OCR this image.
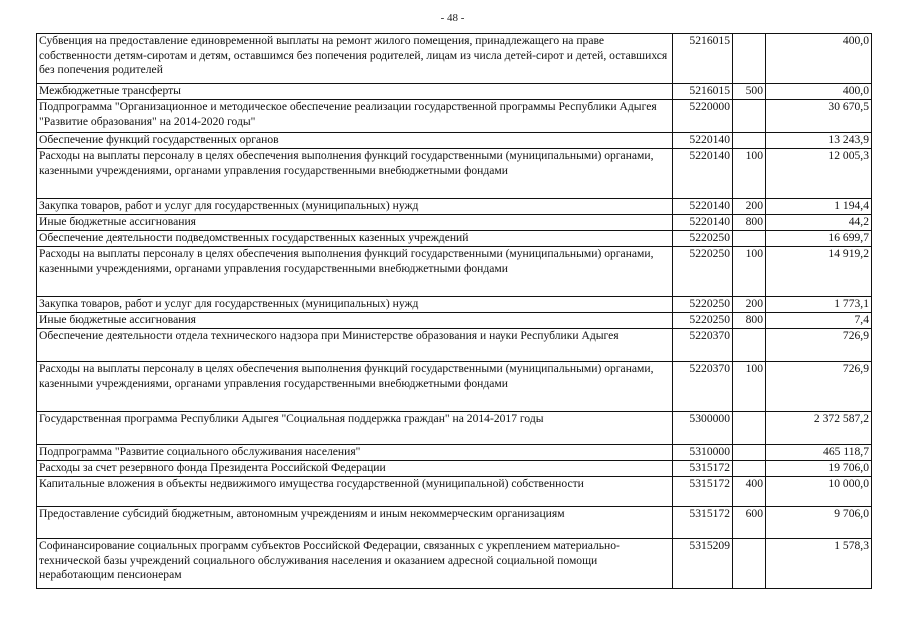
- 48 -
Субвенция на предоставление единовременной выплаты на ремонт жилого помещения, принадлежащего на праве собственности детям-сиротам и детям, оставшимся без попечения родителей, лицам из числа детей-сирот и детей, оставшихся без попечения родителей	5216015		400,0
Межбюджетные трансферты	5216015	500	400,0
Подпрограмма "Организационное и методическое обеспечение реализации государственной программы Республики Адыгея "Развитие образования" на 2014-2020 годы"	5220000		30 670,5
Обеспечение функций государственных органов	5220140		13 243,9
Расходы на выплаты персоналу в целях обеспечения выполнения функций государственными (муниципальными) органами, казенными учреждениями, органами управления государственными внебюджетными фондами	5220140	100	12 005,3
Закупка товаров, работ и услуг для государственных (муниципальных) нужд	5220140	200	1 194,4
Иные бюджетные ассигнования	5220140	800	44,2
Обеспечение деятельности подведомственных государственных казенных учреждений	5220250		16 699,7
Расходы на выплаты персоналу в целях обеспечения выполнения функций государственными (муниципальными) органами, казенными учреждениями, органами управления государственными внебюджетными фондами	5220250	100	14 919,2
Закупка товаров, работ и услуг для государственных (муниципальных) нужд	5220250	200	1 773,1
Иные бюджетные ассигнования	5220250	800	7,4
Обеспечение деятельности отдела технического надзора при Министерстве образования и науки Республики Адыгея	5220370		726,9
Расходы на выплаты персоналу в целях обеспечения выполнения функций государственными (муниципальными) органами, казенными учреждениями, органами управления государственными внебюджетными фондами	5220370	100	726,9
Государственная программа Республики Адыгея "Социальная поддержка граждан" на 2014-2017 годы	5300000		2 372 587,2
Подпрограмма "Развитие социального обслуживания населения"	5310000		465 118,7
Расходы за счет резервного фонда Президента Российской Федерации	5315172		19 706,0
Капитальные вложения в объекты недвижимого имущества государственной (муниципальной) собственности	5315172	400	10 000,0
Предоставление субсидий бюджетным, автономным учреждениям и иным некоммерческим организациям	5315172	600	9 706,0
Софинансирование социальных программ субъектов Российской Федерации, связанных с укреплением материально-технической базы учреждений социального обслуживания населения и оказанием адресной социальной помощи неработающим пенсионерам	5315209		1 578,3
